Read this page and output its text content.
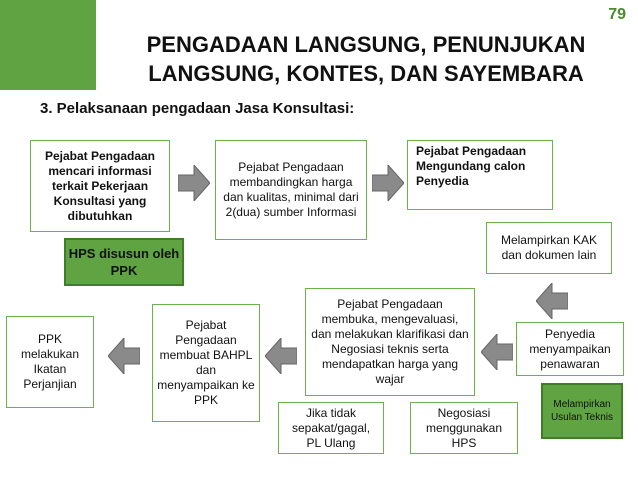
79
PENGADAAN LANGSUNG, PENUNJUKAN
LANGSUNG, KONTES, DAN SAYEMBARA
3. Pelaksanaan pengadaan Jasa Konsultasi:
Pejabat Pengadaan mencari informasi terkait Pekerjaan Konsultasi yang dibutuhkan
Pejabat Pengadaan membandingkan harga dan kualitas, minimal dari 2(dua) sumber Informasi
Pejabat Pengadaan Mengundang calon Penyedia
HPS disusun oleh PPK
Melampirkan KAK dan dokumen lain
PPK melakukan Ikatan Perjanjian
Pejabat Pengadaan membuat BAHPL dan menyampaikan ke PPK
Pejabat Pengadaan membuka, mengevaluasi, dan melakukan klarifikasi dan Negosiasi teknis serta mendapatkan harga yang wajar
Penyedia menyampaikan penawaran
Melampirkan Usulan Teknis
Jika tidak sepakat/gagal, PL Ulang
Negosiasi menggunakan HPS
